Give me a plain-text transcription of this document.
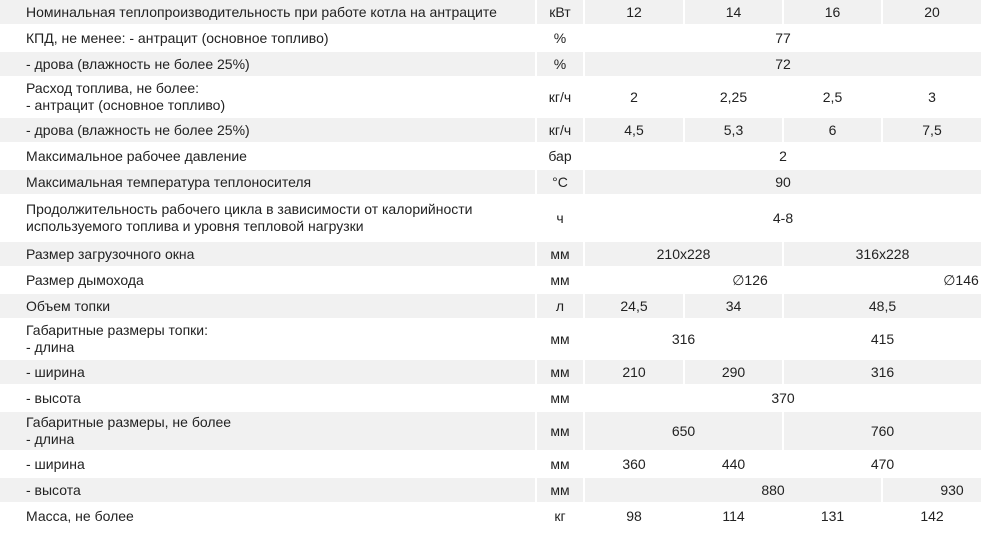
Номинальная теплопроизводительность при работе котла на антраците	кВт	12	14	16	20
КПД, не менее: - антрацит (основное топливо)	%	77			
- дрова (влажность не более 25%)	%	72			
Расход топлива, не более:
- антрацит (основное топливо)	кг/ч	2	2,25	2,5	3
- дрова (влажность не более 25%)	кг/ч	4,5	5,3	6	7,5
Максимальное рабочее давление	бар	2			
Максимальная температура теплоносителя	°С	90			
Продолжительность рабочего цикла в зависимости от калорийности
используемого топлива и уровня тепловой нагрузки	ч	4-8			
Размер загрузочного окна	мм	210x228		316x228	
Размер дымохода	мм	∅126			∅146
Объем топки	л	24,5	34	48,5	
Габаритные размеры топки:
- длина	мм	316		415	
- ширина	мм	210	290	316	
- высота	мм	370			
Габаритные размеры, не более
- длина	мм	650		760	
- ширина	мм	360	440	470	
- высота	мм	880			930
Масса, не более	кг	98	114	131	142
